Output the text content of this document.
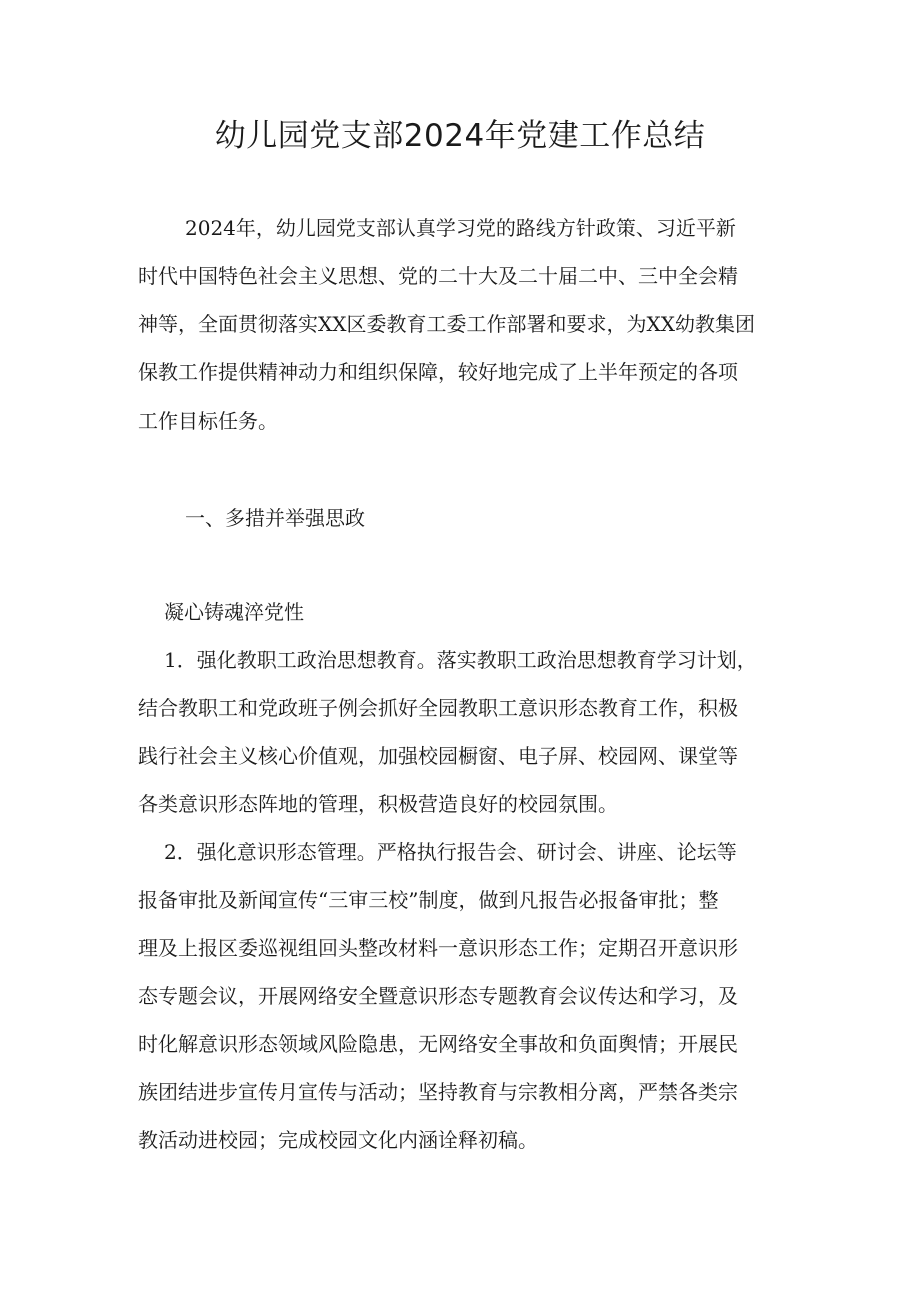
幼儿园党支部2024年党建工作总结

2024年，幼儿园党支部认真学习党的路线方针政策、习近平新

时代中国特色社会主义思想、党的二十大及二十届二中、三中全会精

神等，全面贯彻落实XX区委教育工委工作部署和要求，为XX幼教集团

保教工作提供精神动力和组织保障，较好地完成了上半年预定的各项

工作目标任务。

一、多措并举强思政

凝心铸魂淬党性

1．强化教职工政治思想教育。落实教职工政治思想教育学习计划，

结合教职工和党政班子例会抓好全园教职工意识形态教育工作，积极

践行社会主义核心价值观，加强校园橱窗、电子屏、校园网、课堂等

各类意识形态阵地的管理，积极营造良好的校园氛围。

2．强化意识形态管理。严格执行报告会、研讨会、讲座、论坛等

报备审批及新闻宣传“三审三校”制度，做到凡报告必报备审批；整

理及上报区委巡视组回头整改材料一意识形态工作；定期召开意识形

态专题会议，开展网络安全暨意识形态专题教育会议传达和学习，及

时化解意识形态领域风险隐患，无网络安全事故和负面舆情；开展民

族团结进步宣传月宣传与活动；坚持教育与宗教相分离，严禁各类宗

教活动进校园；完成校园文化内涵诠释初稿。
